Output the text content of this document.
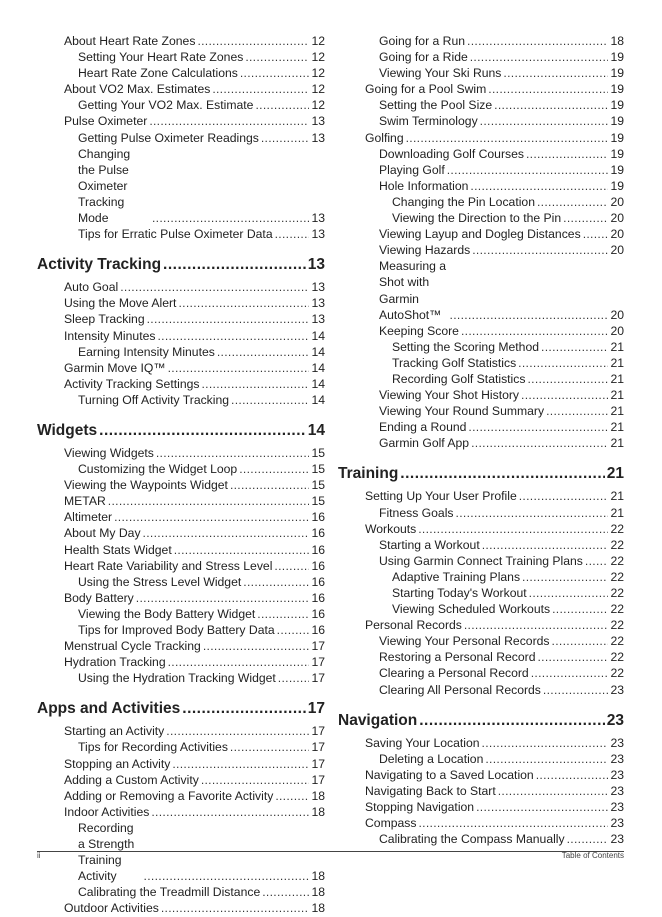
About Heart Rate Zones .....	12
Setting Your Heart Rate Zones .....	12
Heart Rate Zone Calculations .....	12
About VO2 Max. Estimates .....	12
Getting Your VO2 Max. Estimate .....	12
Pulse Oximeter .....	13
Getting Pulse Oximeter Readings .....	13
Changing the Pulse Oximeter Tracking Mode .....	13
Tips for Erratic Pulse Oximeter Data .....	13
Activity Tracking .....	13
Auto Goal .....	13
Using the Move Alert .....	13
Sleep Tracking .....	13
Intensity Minutes .....	14
Earning Intensity Minutes .....	14
Garmin Move IQ™ .....	14
Activity Tracking Settings .....	14
Turning Off Activity Tracking .....	14
Widgets .....	14
Viewing Widgets .....	15
Customizing the Widget Loop .....	15
Viewing the Waypoints Widget .....	15
METAR .....	15
Altimeter .....	16
About My Day .....	16
Health Stats Widget .....	16
Heart Rate Variability and Stress Level .....	16
Using the Stress Level Widget .....	16
Body Battery .....	16
Viewing the Body Battery Widget .....	16
Tips for Improved Body Battery Data .....	16
Menstrual Cycle Tracking .....	17
Hydration Tracking .....	17
Using the Hydration Tracking Widget .....	17
Apps and Activities .....	17
Starting an Activity .....	17
Tips for Recording Activities .....	17
Stopping an Activity .....	17
Adding a Custom Activity .....	17
Adding or Removing a Favorite Activity .....	18
Indoor Activities .....	18
Recording a Strength Training Activity .....	18
Calibrating the Treadmill Distance .....	18
Outdoor Activities .....	18
Going for a Run .....	18
Going for a Ride .....	19
Viewing Your Ski Runs .....	19
Going for a Pool Swim .....	19
Setting the Pool Size .....	19
Swim Terminology .....	19
Golfing .....	19
Downloading Golf Courses .....	19
Playing Golf .....	19
Hole Information .....	19
Changing the Pin Location .....	20
Viewing the Direction to the Pin .....	20
Viewing Layup and Dogleg Distances ..... 20
Viewing Hazards .....	20
Measuring a Shot with Garmin AutoShot™ .....	20
Keeping Score .....	20
Setting the Scoring Method .....	21
Tracking Golf Statistics .....	21
Recording Golf Statistics .....	21
Viewing Your Shot History .....	21
Viewing Your Round Summary .....	21
Ending a Round .....	21
Garmin Golf App .....	21
Training .....	21
Setting Up Your User Profile .....	21
Fitness Goals .....	21
Workouts .....	22
Starting a Workout .....	22
Using Garmin Connect Training Plans ..... 22
Adaptive Training Plans .....	22
Starting Today's Workout .....	22
Viewing Scheduled Workouts .....	22
Personal Records .....	22
Viewing Your Personal Records .....	22
Restoring a Personal Record .....	22
Clearing a Personal Record .....	22
Clearing All Personal Records .....	23
Navigation .....	23
Saving Your Location .....	23
Deleting a Location .....	23
Navigating to a Saved Location .....	23
Navigating Back to Start .....	23
Stopping Navigation .....	23
Compass .....	23
Calibrating the Compass Manually .....	23
ii	Table of Contents
